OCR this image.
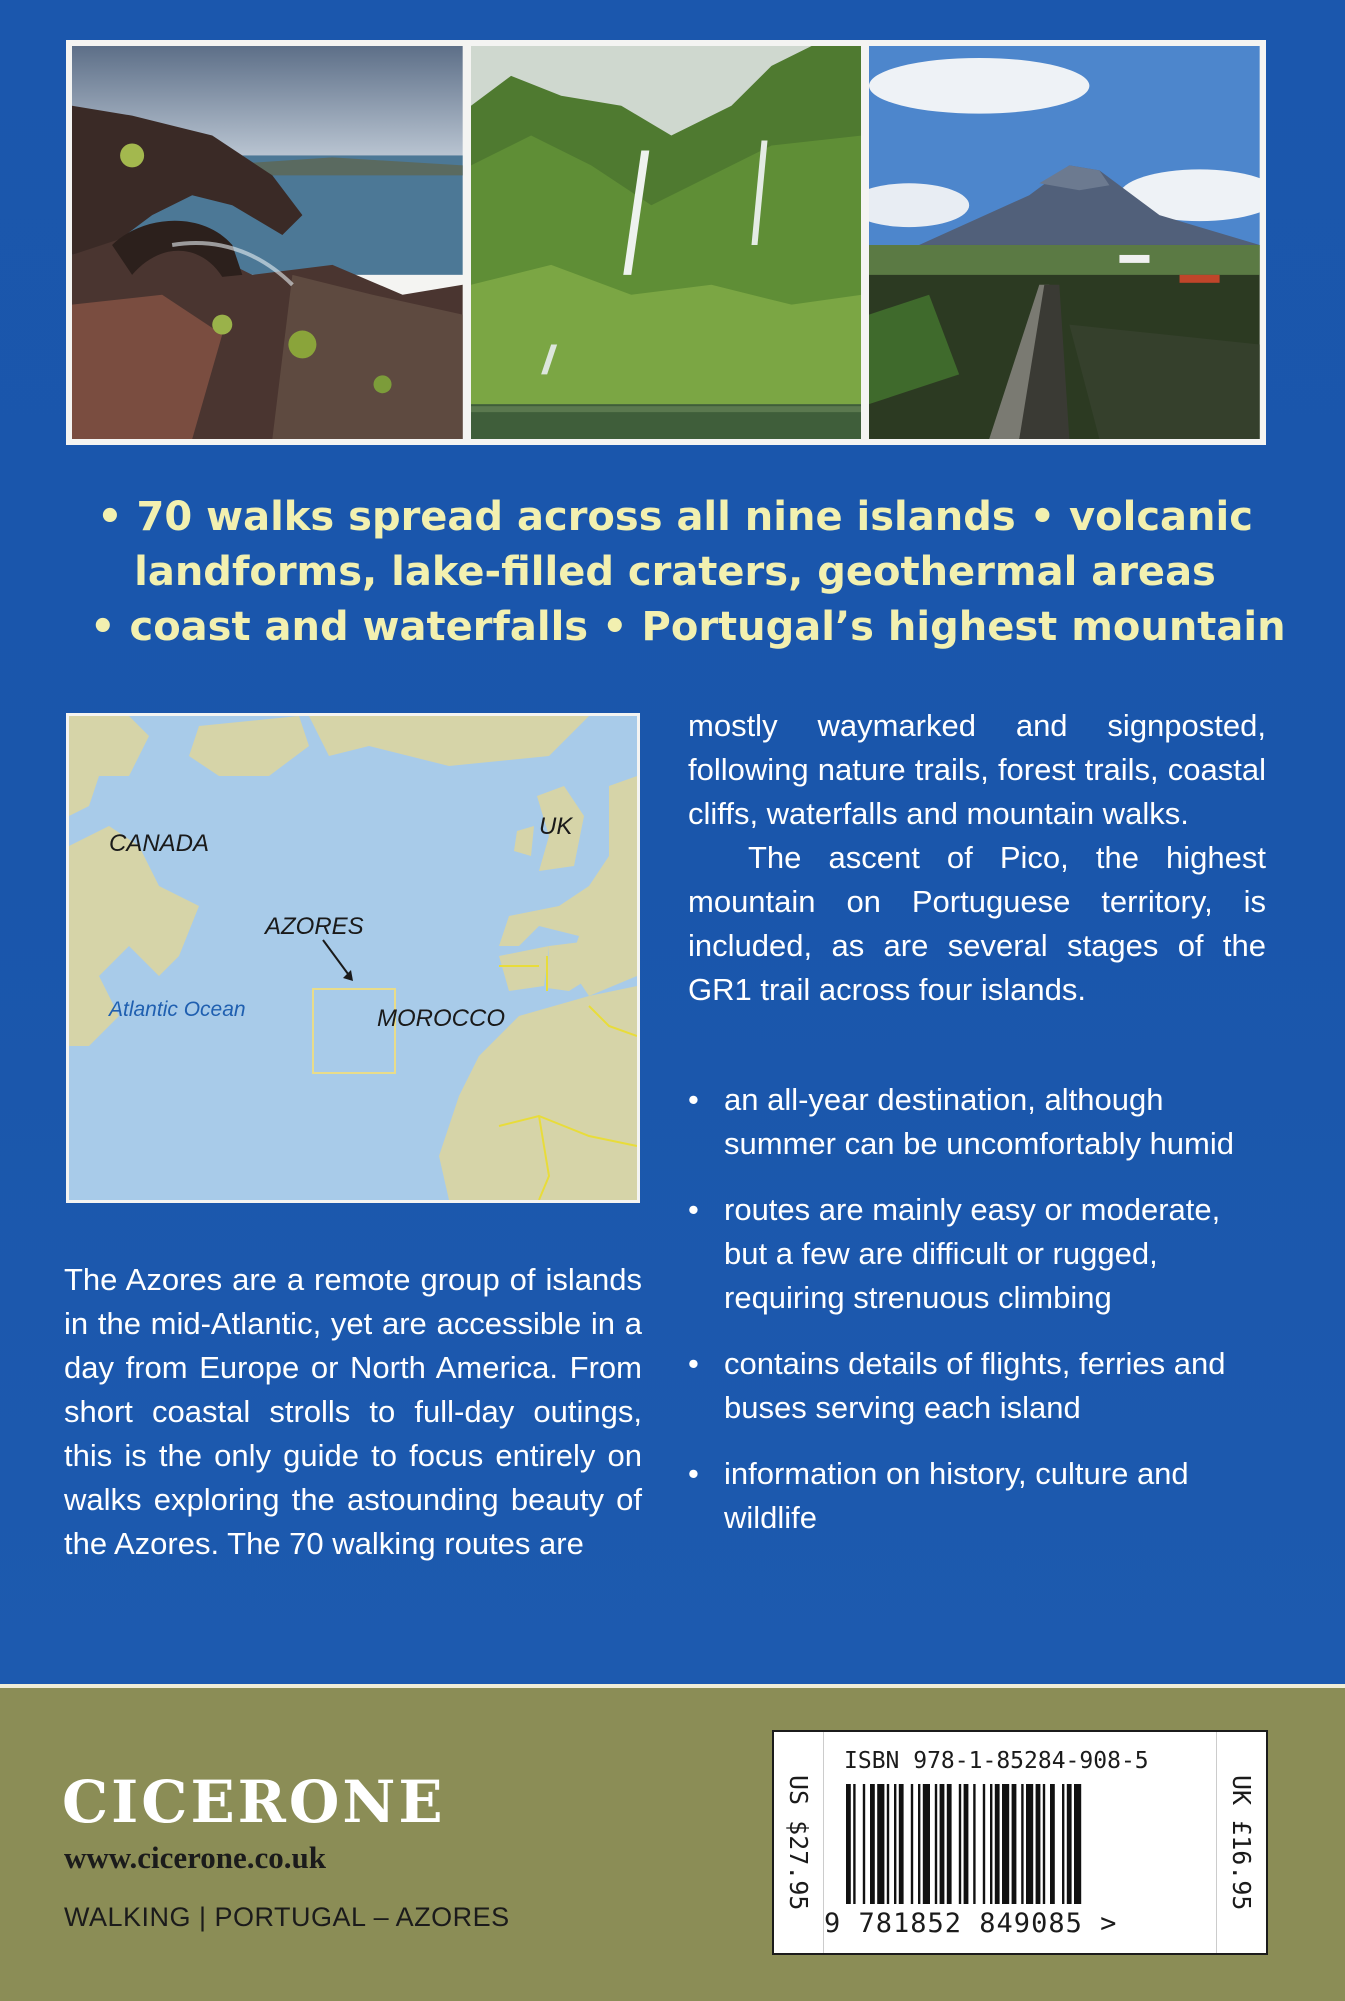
• 70 walks spread across all nine islands • volcanic
landforms, lake-filled craters, geothermal areas
• coast and waterfalls • Portugal’s highest mountain
CANADA
UK
AZORES
Atlantic Ocean	MOROCCO

mostly waymarked and signposted, following nature trails, forest trails, coastal cliffs, waterfalls and mountain walks.

The ascent of Pico, the highest mountain on Portuguese territory, is included, as are several stages of the GR1 trail across four islands.

• an all-year destination, although summer can be uncomfortably humid
• routes are mainly easy or moderate, but a few are difficult or rugged, requiring strenuous climbing
• contains details of flights, ferries and buses serving each island
• information on history, culture and wildlife
The Azores are a remote group of islands in the mid-Atlantic, yet are accessible in a day from Europe or North America. From short coastal strolls to full-day outings, this is the only guide to focus entirely on walks exploring the astounding beauty of the Azores. The 70 walking routes are
CICERONE
www.cicerone.co.uk
WALKING | PORTUGAL – AZORES
US $27.95
ISBN 978-1-85284-908-5
9 781852 849085 >
UK £16.95
